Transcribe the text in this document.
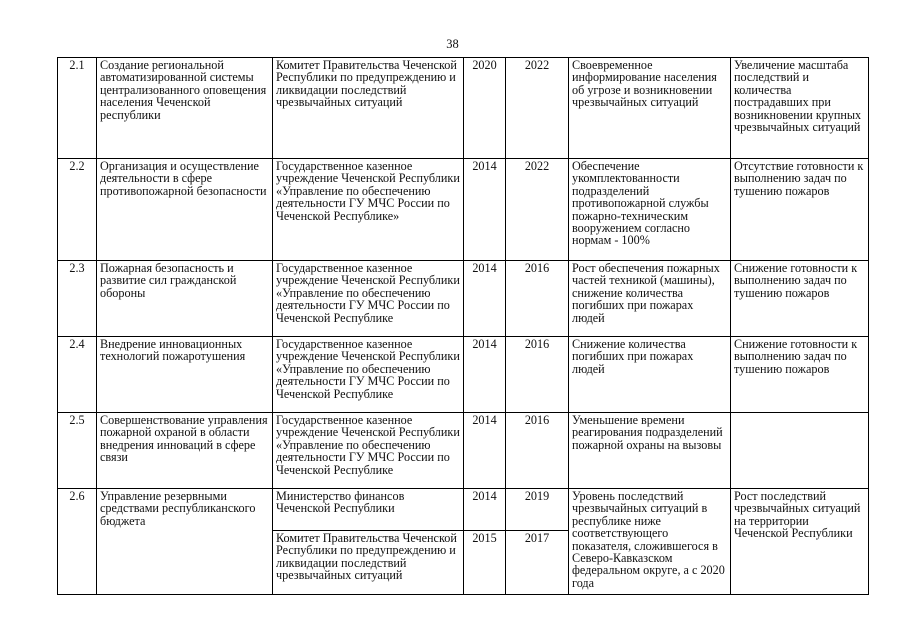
38
2.1	Создание региональной автоматизированной системы централизованного оповещения населения Чеченской республики	Комитет Правительства Чеченской Республики по предупреждению и ликвидации последствий чрезвычайных ситуаций	2020	2022	Своевременное информирование населения об угрозе и возникновении чрезвычайных ситуаций	Увеличение масштаба последствий и количества пострадавших при возникновении крупных чрезвычайных ситуаций
2.2	Организация и осуществление деятельности в сфере противопожарной безопасности	Государственное казенное учреждение Чеченской Республики «Управление по обеспечению деятельности ГУ МЧС России по Чеченской Республике»	2014	2022	Обеспечение укомплектованности подразделений противопожарной службы пожарно-техническим вооружением согласно нормам - 100%	Отсутствие готовности к выполнению задач по тушению пожаров
2.3	Пожарная безопасность и развитие сил гражданской обороны	Государственное казенное учреждение Чеченской Республики «Управление по обеспечению деятельности ГУ МЧС России по Чеченской Республике	2014	2016	Рост обеспечения пожарных частей техникой (машины), снижение количества погибших при пожарах людей	Снижение готовности к выполнению задач по тушению пожаров
2.4	Внедрение инновационных технологий пожаротушения	Государственное казенное учреждение Чеченской Республики «Управление по обеспечению деятельности ГУ МЧС России по Чеченской Республике	2014	2016	Снижение количества погибших при пожарах людей	Снижение готовности к выполнению задач по тушению пожаров
2.5	Совершенствование управления пожарной охраной в области внедрения инноваций в сфере связи	Государственное казенное учреждение Чеченской Республики «Управление по обеспечению деятельности ГУ МЧС России по Чеченской Республике	2014	2016	Уменьшение времени реагирования подразделений пожарной охраны на вызовы	
2.6	Управление резервными средствами республиканского бюджета	Министерство финансов Чеченской Республики	2014	2019	Уровень последствий чрезвычайных ситуаций в республике ниже соответствующего показателя, сложившегося в Северо-Кавказском федеральном округе, а с 2020 года	Рост последствий чрезвычайных ситуаций на территории Чеченской Республики
		Комитет Правительства Чеченской Республики по предупреждению и ликвидации последствий чрезвычайных ситуаций	2015	2017		
